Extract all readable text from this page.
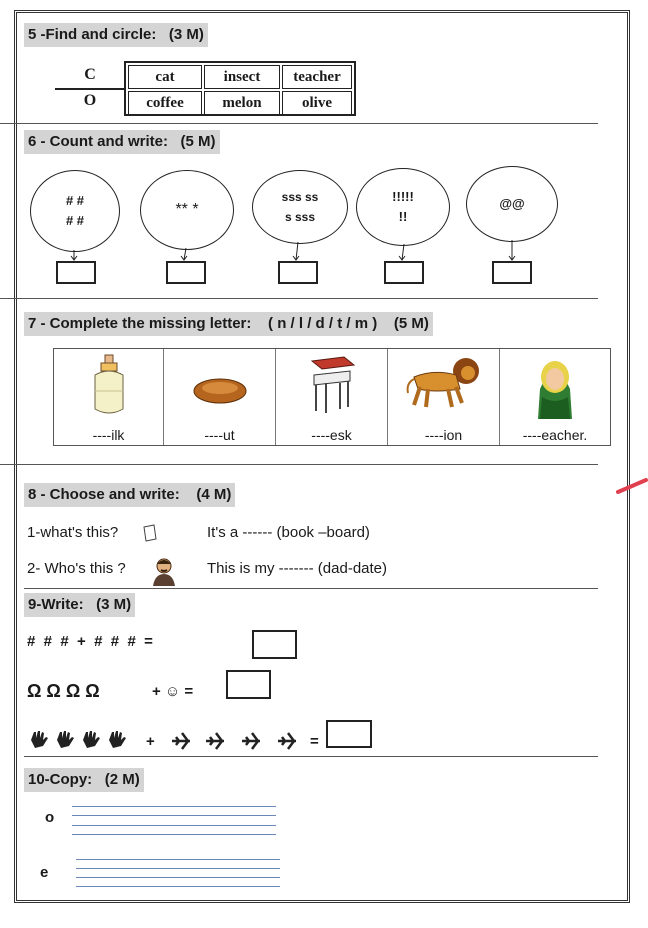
5 -Find and circle: (3 M)
C
O
cat	insect	teacher
coffee	melon	olive
6 - Count and write: (5 M)
# #
# #
** *
sss ss
s sss
!!!!!
!!
@@
7 - Complete the missing letter: ( n / l / d / t / m ) (5 M)
----ilk	----ut	----esk	----ion	----eacher.
8 - Choose and write: (4 M)
1-what's this?	It's a ------ (book –board)
2- Who's this ?	This is my ------- (dad-date)
9-Write: (3 M)
#  #  #  +  #  #  #  =
Ω Ω Ω Ω	+ ☺ =
+	=
10-Copy: (2 M)
o
e
